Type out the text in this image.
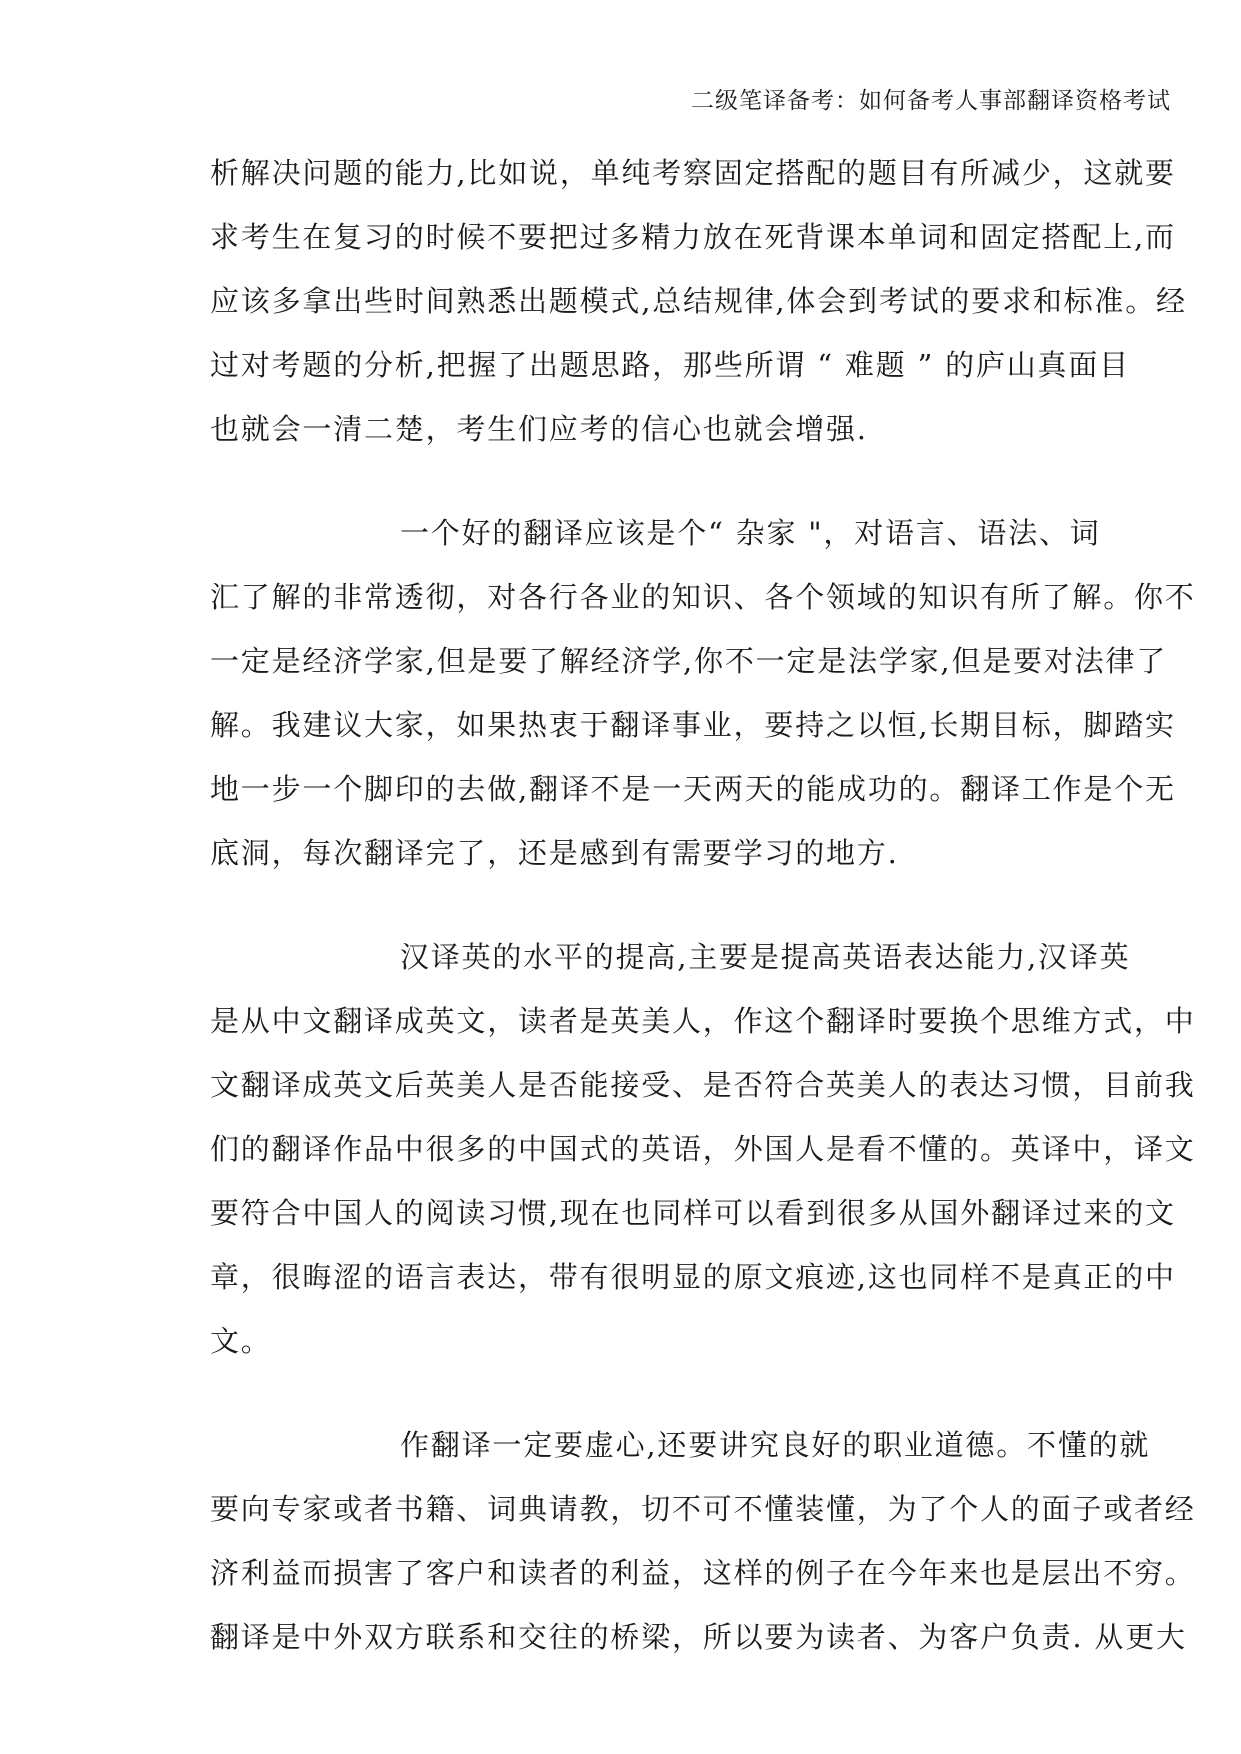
二级笔译备考：如何备考人事部翻译资格考试
析解决问题的能力,比如说，单纯考察固定搭配的题目有所减少，这就要
求考生在复习的时候不要把过多精力放在死背课本单词和固定搭配上,而
应该多拿出些时间熟悉出题模式,总结规律,体会到考试的要求和标准。经
过对考题的分析,把握了出题思路，那些所谓 “ 难题 ” 的庐山真面目
也就会一清二楚，考生们应考的信心也就会增强.
一个好的翻译应该是个“ 杂家 "，对语言、语法、词
汇了解的非常透彻，对各行各业的知识、各个领域的知识有所了解。你不
一定是经济学家,但是要了解经济学,你不一定是法学家,但是要对法律了
解。我建议大家，如果热衷于翻译事业，要持之以恒,长期目标，脚踏实
地一步一个脚印的去做,翻译不是一天两天的能成功的。翻译工作是个无
底洞，每次翻译完了，还是感到有需要学习的地方.
汉译英的水平的提高,主要是提高英语表达能力,汉译英
是从中文翻译成英文，读者是英美人，作这个翻译时要换个思维方式，中
文翻译成英文后英美人是否能接受、是否符合英美人的表达习惯，目前我
们的翻译作品中很多的中国式的英语，外国人是看不懂的。英译中，译文
要符合中国人的阅读习惯,现在也同样可以看到很多从国外翻译过来的文
章，很晦涩的语言表达，带有很明显的原文痕迹,这也同样不是真正的中
文。
作翻译一定要虚心,还要讲究良好的职业道德。不懂的就
要向专家或者书籍、词典请教，切不可不懂装懂，为了个人的面子或者经
济利益而损害了客户和读者的利益，这样的例子在今年来也是层出不穷。
翻译是中外双方联系和交往的桥梁，所以要为读者、为客户负责. 从更大
